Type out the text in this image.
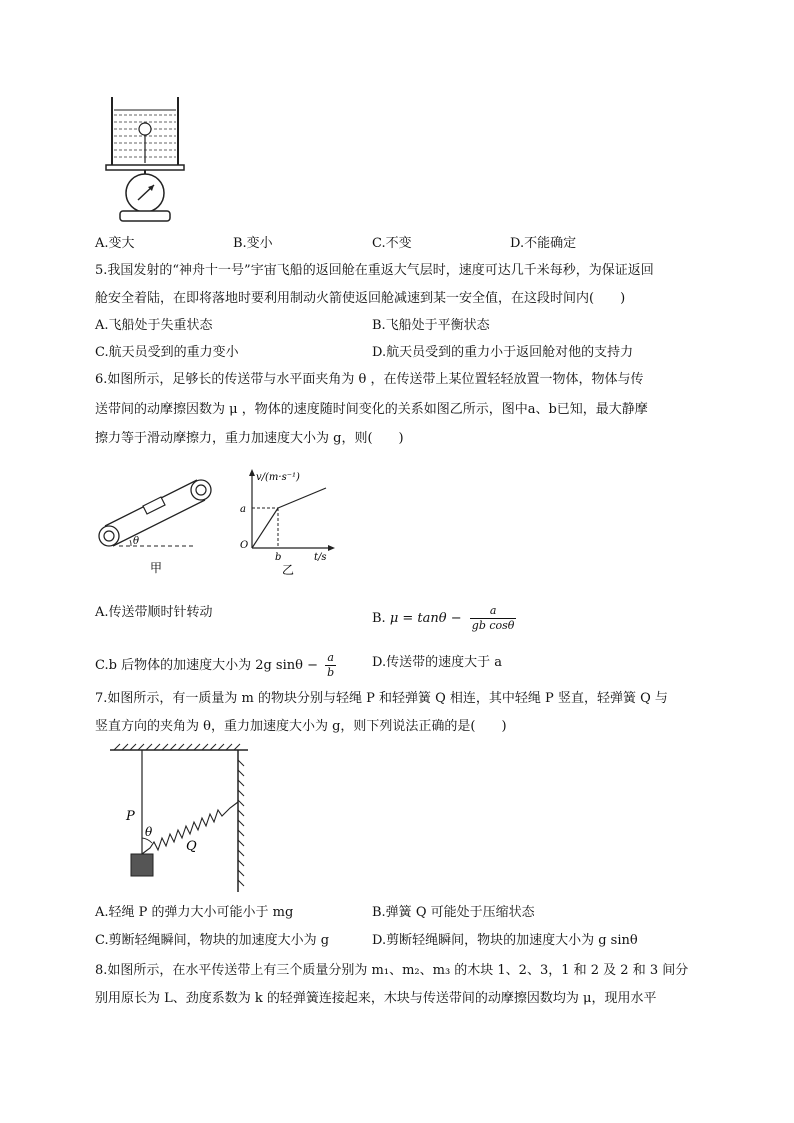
A.变大	B.变小	C.不变	D.不能确定
5.我国发射的“神舟十一号”宇宙飞船的返回舱在重返大气层时，速度可达几千米每秒，为保证返回
舱安全着陆，在即将落地时要利用制动火箭使返回舱减速到某一安全值，在这段时间内(　　)
A.飞船处于失重状态	B.飞船处于平衡状态
C.航天员受到的重力变小	D.航天员受到的重力小于返回舱对他的支持力
6.如图所示，足够长的传送带与水平面夹角为 θ ，在传送带上某位置轻轻放置一物体，物体与传
送带间的动摩擦因数为 μ ，物体的速度随时间变化的关系如图乙所示，图中a、b已知，最大静摩
擦力等于滑动摩擦力，重力加速度大小为 g，则(　　)
θ
甲
v/(m·s⁻¹)
a
O
b	t/s
乙
A.传送带顺时针转动	B. $\mu = \tan\theta - \frac{a}{\text{gb cosθ}}$
C.b 后物体的加速度大小为 2g $\sin\theta - \frac{a}{b}$	D.传送带的速度大于 a
7.如图所示，有一质量为 m 的物块分别与轻绳 P 和轻弹簧 Q 相连，其中轻绳 P 竖直，轻弹簧 Q 与
竖直方向的夹角为 θ，重力加速度大小为 g，则下列说法正确的是(　　)
θ
P
Q
A.轻绳 P 的弹力大小可能小于 mg	B.弹簧 Q 可能处于压缩状态
C.剪断轻绳瞬间，物块的加速度大小为 g	D.剪断轻绳瞬间，物块的加速度大小为 g sinθ
8.如图所示，在水平传送带上有三个质量分别为 m₁、m₂、m₃ 的木块 1、2、3，1 和 2 及 2 和 3 间分
别用原长为 L、劲度系数为 k 的轻弹簧连接起来，木块与传送带间的动摩擦因数均为 μ，现用水平
